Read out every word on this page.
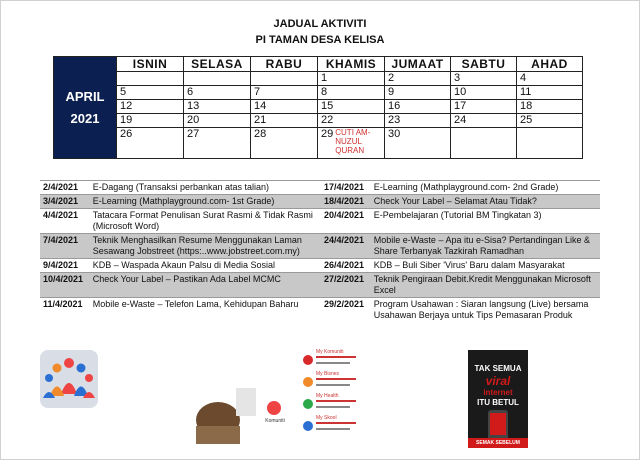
JADUAL AKTIVITI
PI TAMAN DESA KELISA
APRIL
2021	ISNIN	SELASA	RABU	KHAMIS	JUMAAT	SABTU	AHAD
				1	2	3	4
	5	6	7	8	9	10	11
	12	13	14	15	16	17	18
	19	20	21	22	23	24	25
	26	27	28	29 CUTI AM-NUZUL QURAN	30		
2/4/2021	E-Dagang (Transaksi perbankan atas talian)	17/4/2021	E-Learning (Mathplayground.com- 2nd Grade)
3/4/2021	E-Learning (Mathplayground.com- 1st Grade)	18/4/2021	Check Your Label – Selamat Atau Tidak?
4/4/2021	Tatacara Format Penulisan Surat Rasmi & Tidak Rasmi (Microsoft Word)	20/4/2021	E-Pembelajaran (Tutorial BM Tingkatan 3)
7/4/2021	Teknik Menghasilkan Resume Menggunakan Laman Sesawang Jobstreet (https:..www.jobstreet.com.my)	24/4/2021	Mobile e-Waste – Apa itu e-Sisa? Pertandingan Like & Share Terbanyak Tazkirah Ramadhan
9/4/2021	KDB – Waspada Akaun Palsu di Media Sosial	26/4/2021	KDB – Buli Siber 'Virus' Baru dalam Masyarakat
10/4/2021	Check Your Label – Pastikan Ada Label MCMC	27/2/2021	Teknik Pengiraan Debit.Kredit Menggunakan Microsoft Excel
11/4/2021	Mobile e-Waste – Telefon Lama, Kehidupan Baharu	29/2/2021	Program Usahawan : Siaran langsung (Live) bersama Usahawan Berjaya untuk Tips Pemasaran Produk
Komuniti
My Komuniti
My Bisnes
My Health
My Skool
TAK SEMUA
viral
internet
ITU BETUL
SEMAK SEBELUM SEBAR
